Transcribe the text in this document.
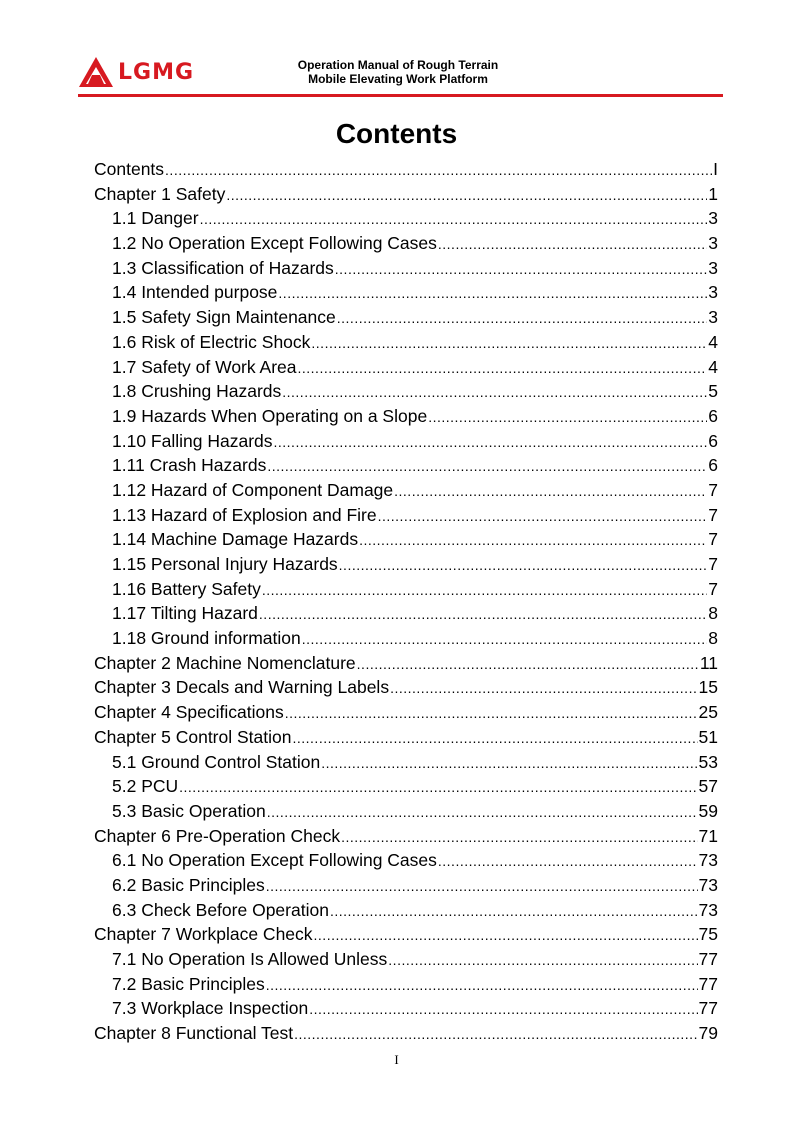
LGMG	Operation Manual of Rough Terrain
Mobile Elevating Work Platform
Contents
Contents .....	I
Chapter 1 Safety .....	1
1.1 Danger .....	3
1.2 No Operation Except Following Cases .....	3
1.3 Classification of Hazards .....	3
1.4 Intended purpose .....	3
1.5 Safety Sign Maintenance .....	3
1.6 Risk of Electric Shock .....	4
1.7 Safety of Work Area .....	4
1.8 Crushing Hazards .....	5
1.9 Hazards When Operating on a Slope .....	6
1.10 Falling Hazards .....	6
1.11 Crash Hazards .....	6
1.12 Hazard of Component Damage .....	7
1.13 Hazard of Explosion and Fire .....	7
1.14 Machine Damage Hazards .....	7
1.15 Personal Injury Hazards .....	7
1.16 Battery Safety .....	7
1.17 Tilting Hazard .....	8
1.18 Ground information .....	8
Chapter 2 Machine Nomenclature .....	11
Chapter 3 Decals and Warning Labels .....	15
Chapter 4 Specifications .....	25
Chapter 5 Control Station .....	51
5.1 Ground Control Station .....	53
5.2 PCU .....	57
5.3 Basic Operation .....	59
Chapter 6 Pre-Operation Check .....	71
6.1 No Operation Except Following Cases .....	73
6.2 Basic Principles .....	73
6.3 Check Before Operation .....	73
Chapter 7 Workplace Check .....	75
7.1 No Operation Is Allowed Unless .....	77
7.2 Basic Principles .....	77
7.3 Workplace Inspection .....	77
Chapter 8 Functional Test .....	79
I
